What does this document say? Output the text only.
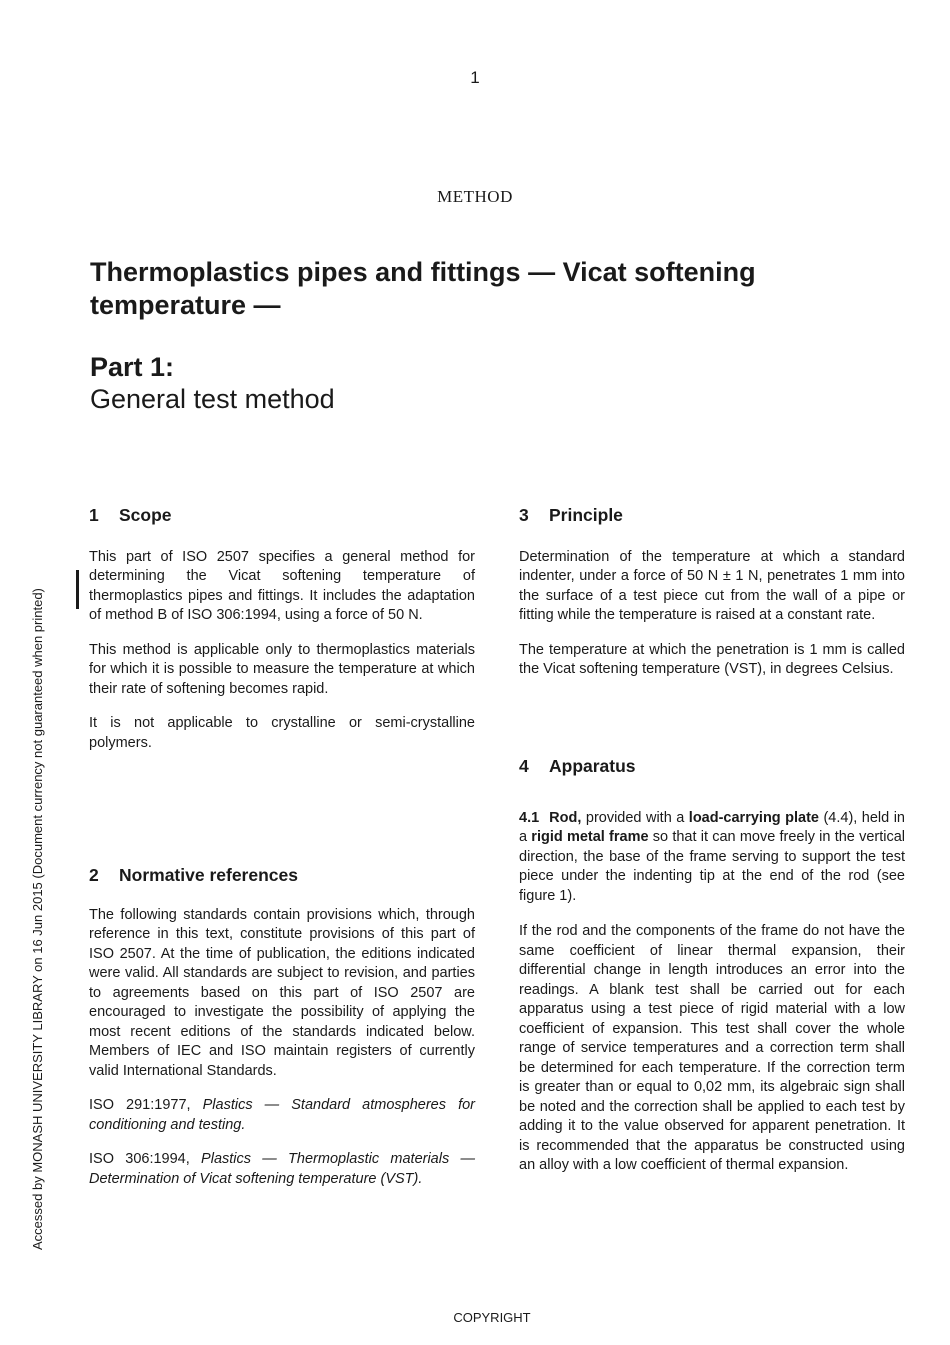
1
METHOD
Thermoplastics pipes and fittings — Vicat softening temperature —
Part 1:
General test method
1 Scope

This part of ISO 2507 specifies a general method for determining the Vicat softening temperature of thermoplastics pipes and fittings. It includes the adaptation of method B of ISO 306:1994, using a force of 50 N.

This method is applicable only to thermoplastics materials for which it is possible to measure the temperature at which their rate of softening becomes rapid.

It is not applicable to crystalline or semi-crystalline polymers.

2 Normative references

The following standards contain provisions which, through reference in this text, constitute provisions of this part of ISO 2507. At the time of publication, the editions indicated were valid. All standards are subject to revision, and parties to agreements based on this part of ISO 2507 are encouraged to investigate the possibility of applying the most recent editions of the standards indicated below. Members of IEC and ISO maintain registers of currently valid International Standards.

ISO 291:1977, Plastics — Standard atmospheres for conditioning and testing.

ISO 306:1994, Plastics — Thermoplastic materials — Determination of Vicat softening temperature (VST).

3 Principle

Determination of the temperature at which a standard indenter, under a force of 50 N ± 1 N, penetrates 1 mm into the surface of a test piece cut from the wall of a pipe or fitting while the temperature is raised at a constant rate.

The temperature at which the penetration is 1 mm is called the Vicat softening temperature (VST), in degrees Celsius.

4 Apparatus

4.1 Rod, provided with a load-carrying plate (4.4), held in a rigid metal frame so that it can move freely in the vertical direction, the base of the frame serving to support the test piece under the indenting tip at the end of the rod (see figure 1).

If the rod and the components of the frame do not have the same coefficient of linear thermal expansion, their differential change in length introduces an error into the readings. A blank test shall be carried out for each apparatus using a test piece of rigid material with a low coefficient of expansion. This test shall cover the whole range of service temperatures and a correction term shall be determined for each temperature. If the correction term is greater than or equal to 0,02 mm, its algebraic sign shall be noted and the correction shall be applied to each test by adding it to the value observed for apparent penetration. It is recommended that the apparatus be constructed using an alloy with a low coefficient of thermal expansion.

Accessed by MONASH UNIVERSITY LIBRARY on 16 Jun 2015 (Document currency not guaranteed when printed)
COPYRIGHT
